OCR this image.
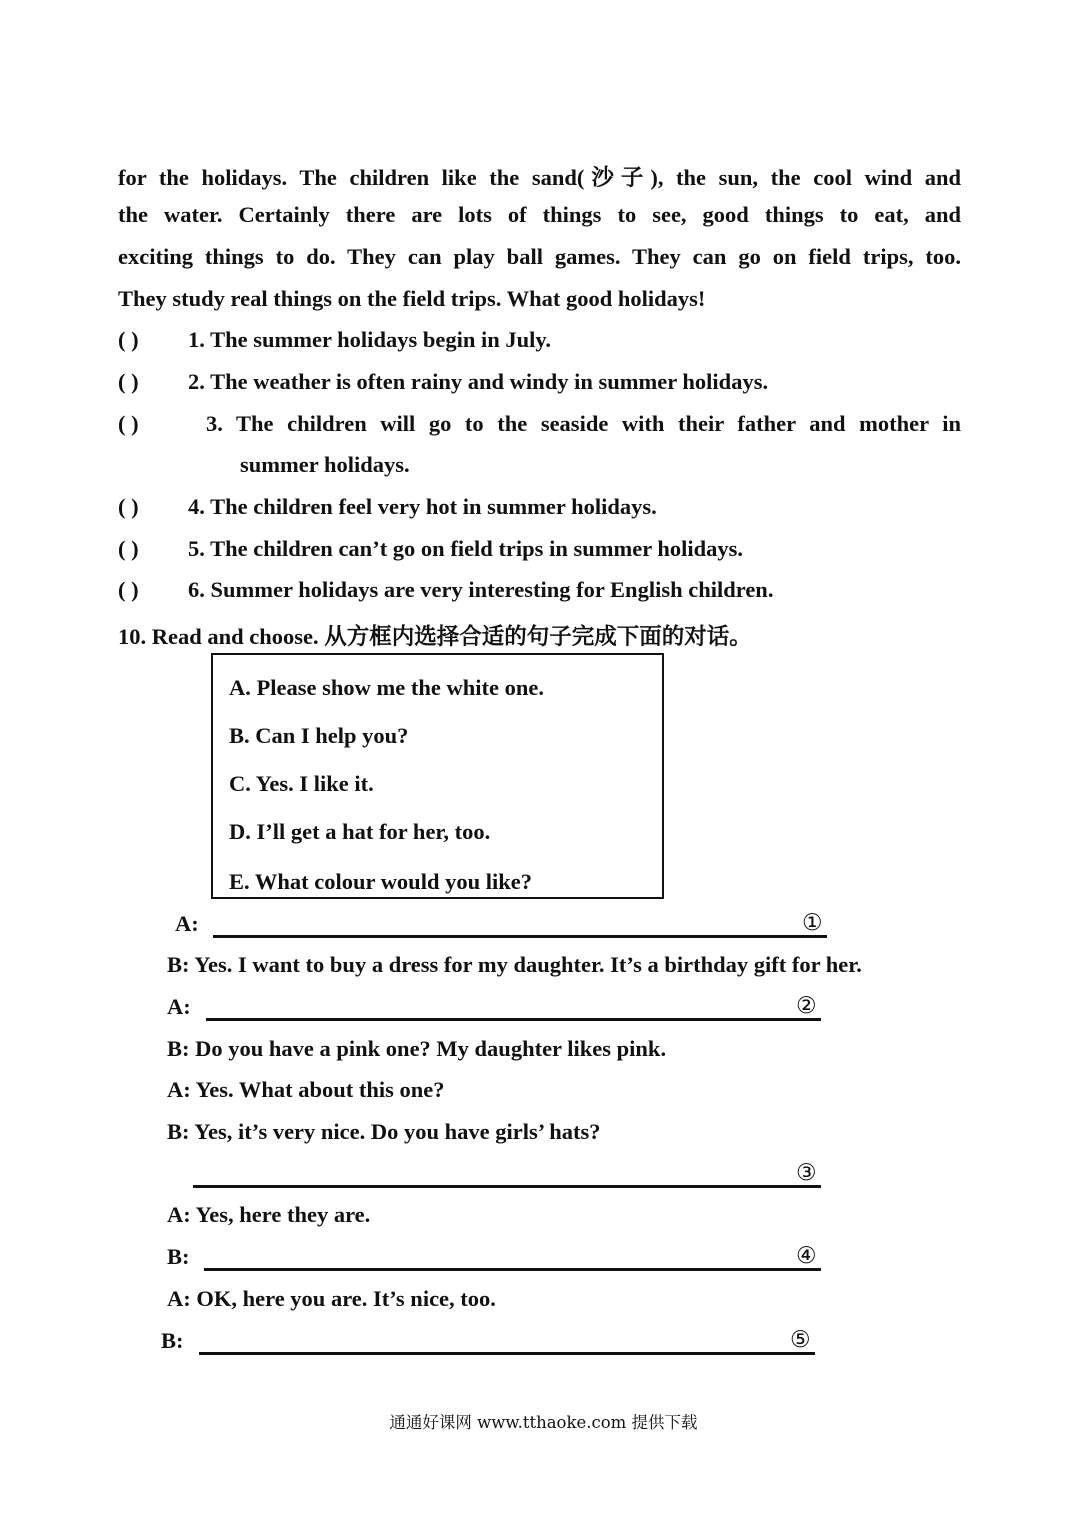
for the holidays. The children like the sand(沙子), the sun, the cool wind and
the water. Certainly there are lots of things to see, good things to eat, and
exciting things to do. They can play ball games. They can go on field trips, too.
They study real things on the field trips. What good holidays!
( ) 1. The summer holidays begin in July.
( ) 2. The weather is often rainy and windy in summer holidays.
( )	3. The children will go to the seaside with their father and mother in
summer holidays.
( ) 4. The children feel very hot in summer holidays.
( ) 5. The children can’t go on field trips in summer holidays.
( ) 6. Summer holidays are very interesting for English children.
10. Read and choose. 从方框内选择合适的句子完成下面的对话。
A. Please show me the white one.
B. Can I help you?
C. Yes. I like it.
D. I’ll get a hat for her, too.
E. What colour would you like?
A:	①
B: Yes. I want to buy a dress for my daughter. It’s a birthday gift for her.
A:	②
B: Do you have a pink one? My daughter likes pink.
A: Yes. What about this one?
B: Yes, it’s very nice. Do you have girls’ hats?
③
A: Yes, here they are.
B:	④
A: OK, here you are. It’s nice, too.
B:	⑤
通通好课网 www.tthaoke.com 提供下载
